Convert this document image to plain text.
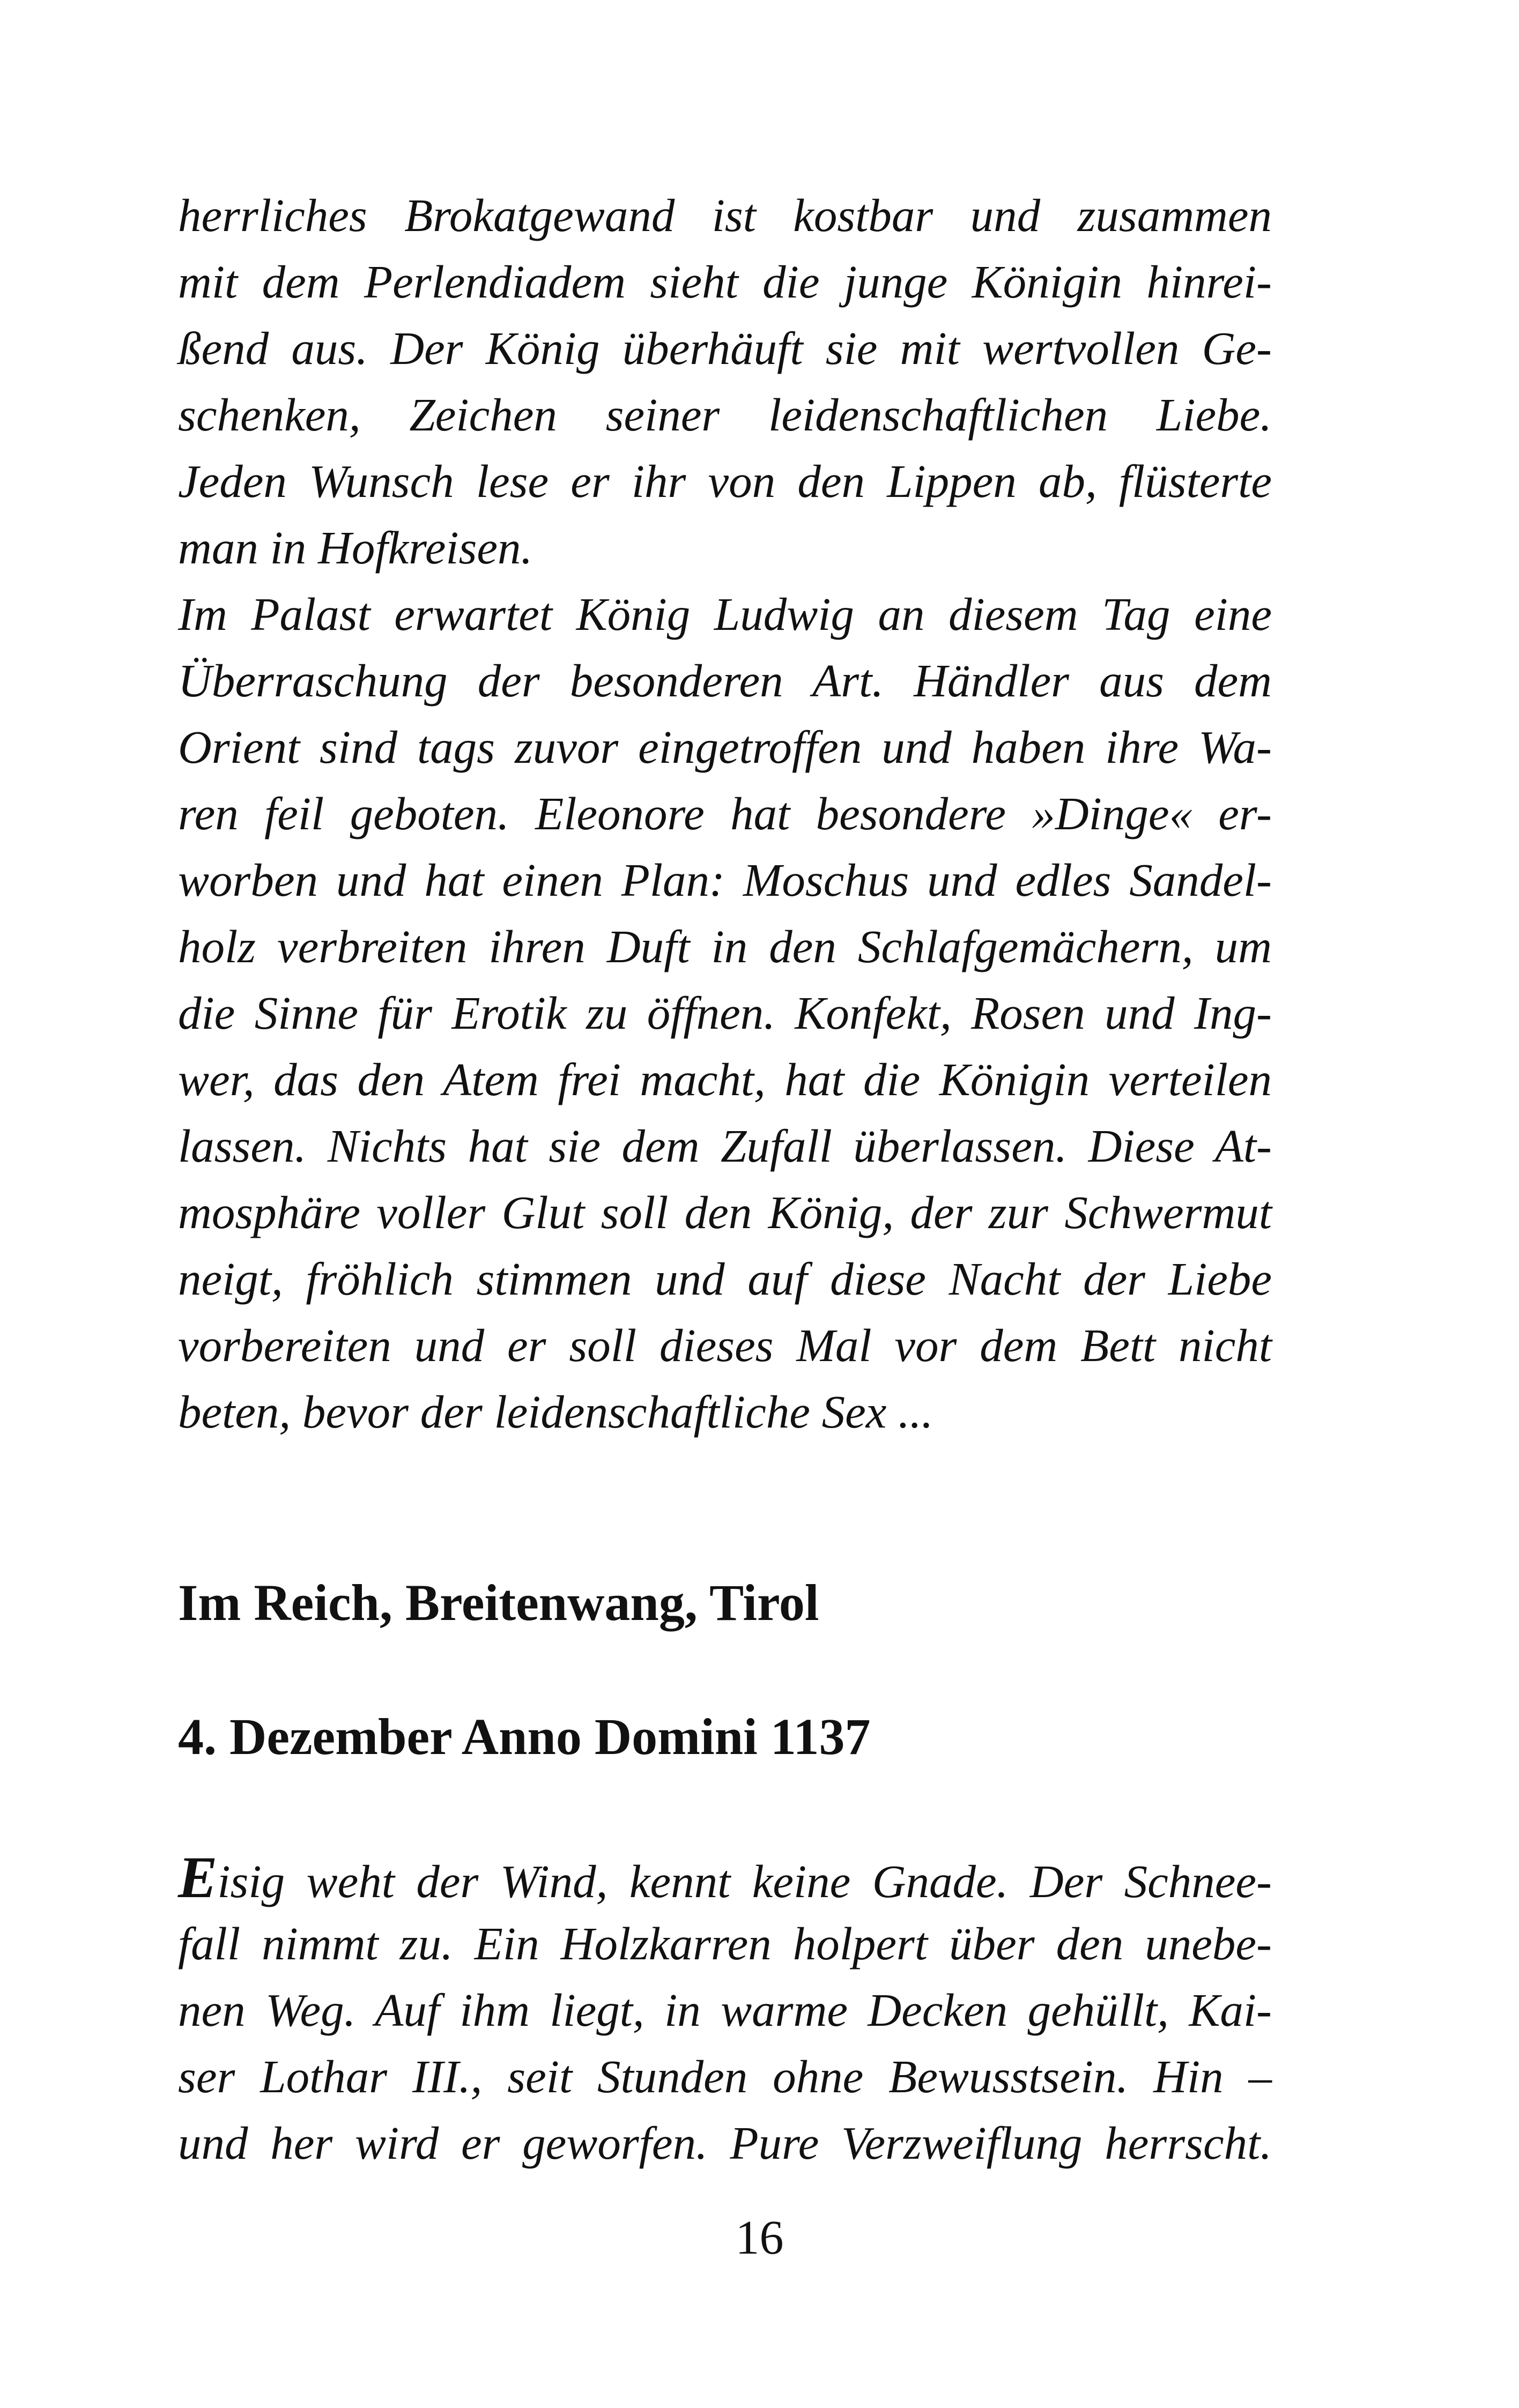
herrliches Brokatgewand ist kostbar und zusammen
mit dem Perlendiadem sieht die junge Königin hinrei-
ßend aus. Der König überhäuft sie mit wertvollen Ge-
schenken, Zeichen seiner leidenschaftlichen Liebe.
Jeden Wunsch lese er ihr von den Lippen ab, flüsterte
man in Hofkreisen.
Im Palast erwartet König Ludwig an diesem Tag eine
Überraschung der besonderen Art. Händler aus dem
Orient sind tags zuvor eingetroffen und haben ihre Wa-
ren feil geboten. Eleonore hat besondere »Dinge« er-
worben und hat einen Plan: Moschus und edles Sandel-
holz verbreiten ihren Duft in den Schlafgemächern, um
die Sinne für Erotik zu öffnen. Konfekt, Rosen und Ing-
wer, das den Atem frei macht, hat die Königin verteilen
lassen. Nichts hat sie dem Zufall überlassen. Diese At-
mosphäre voller Glut soll den König, der zur Schwermut
neigt, fröhlich stimmen und auf diese Nacht der Liebe
vorbereiten und er soll dieses Mal vor dem Bett nicht
beten, bevor der leidenschaftliche Sex ...
Im Reich, Breitenwang, Tirol
4. Dezember Anno Domini 1137
Eisig weht der Wind, kennt keine Gnade. Der Schnee-
fall nimmt zu. Ein Holzkarren holpert über den unebe-
nen Weg. Auf ihm liegt, in warme Decken gehüllt, Kai-
ser Lothar III., seit Stunden ohne Bewusstsein. Hin –
und her wird er geworfen. Pure Verzweiflung herrscht.
16
